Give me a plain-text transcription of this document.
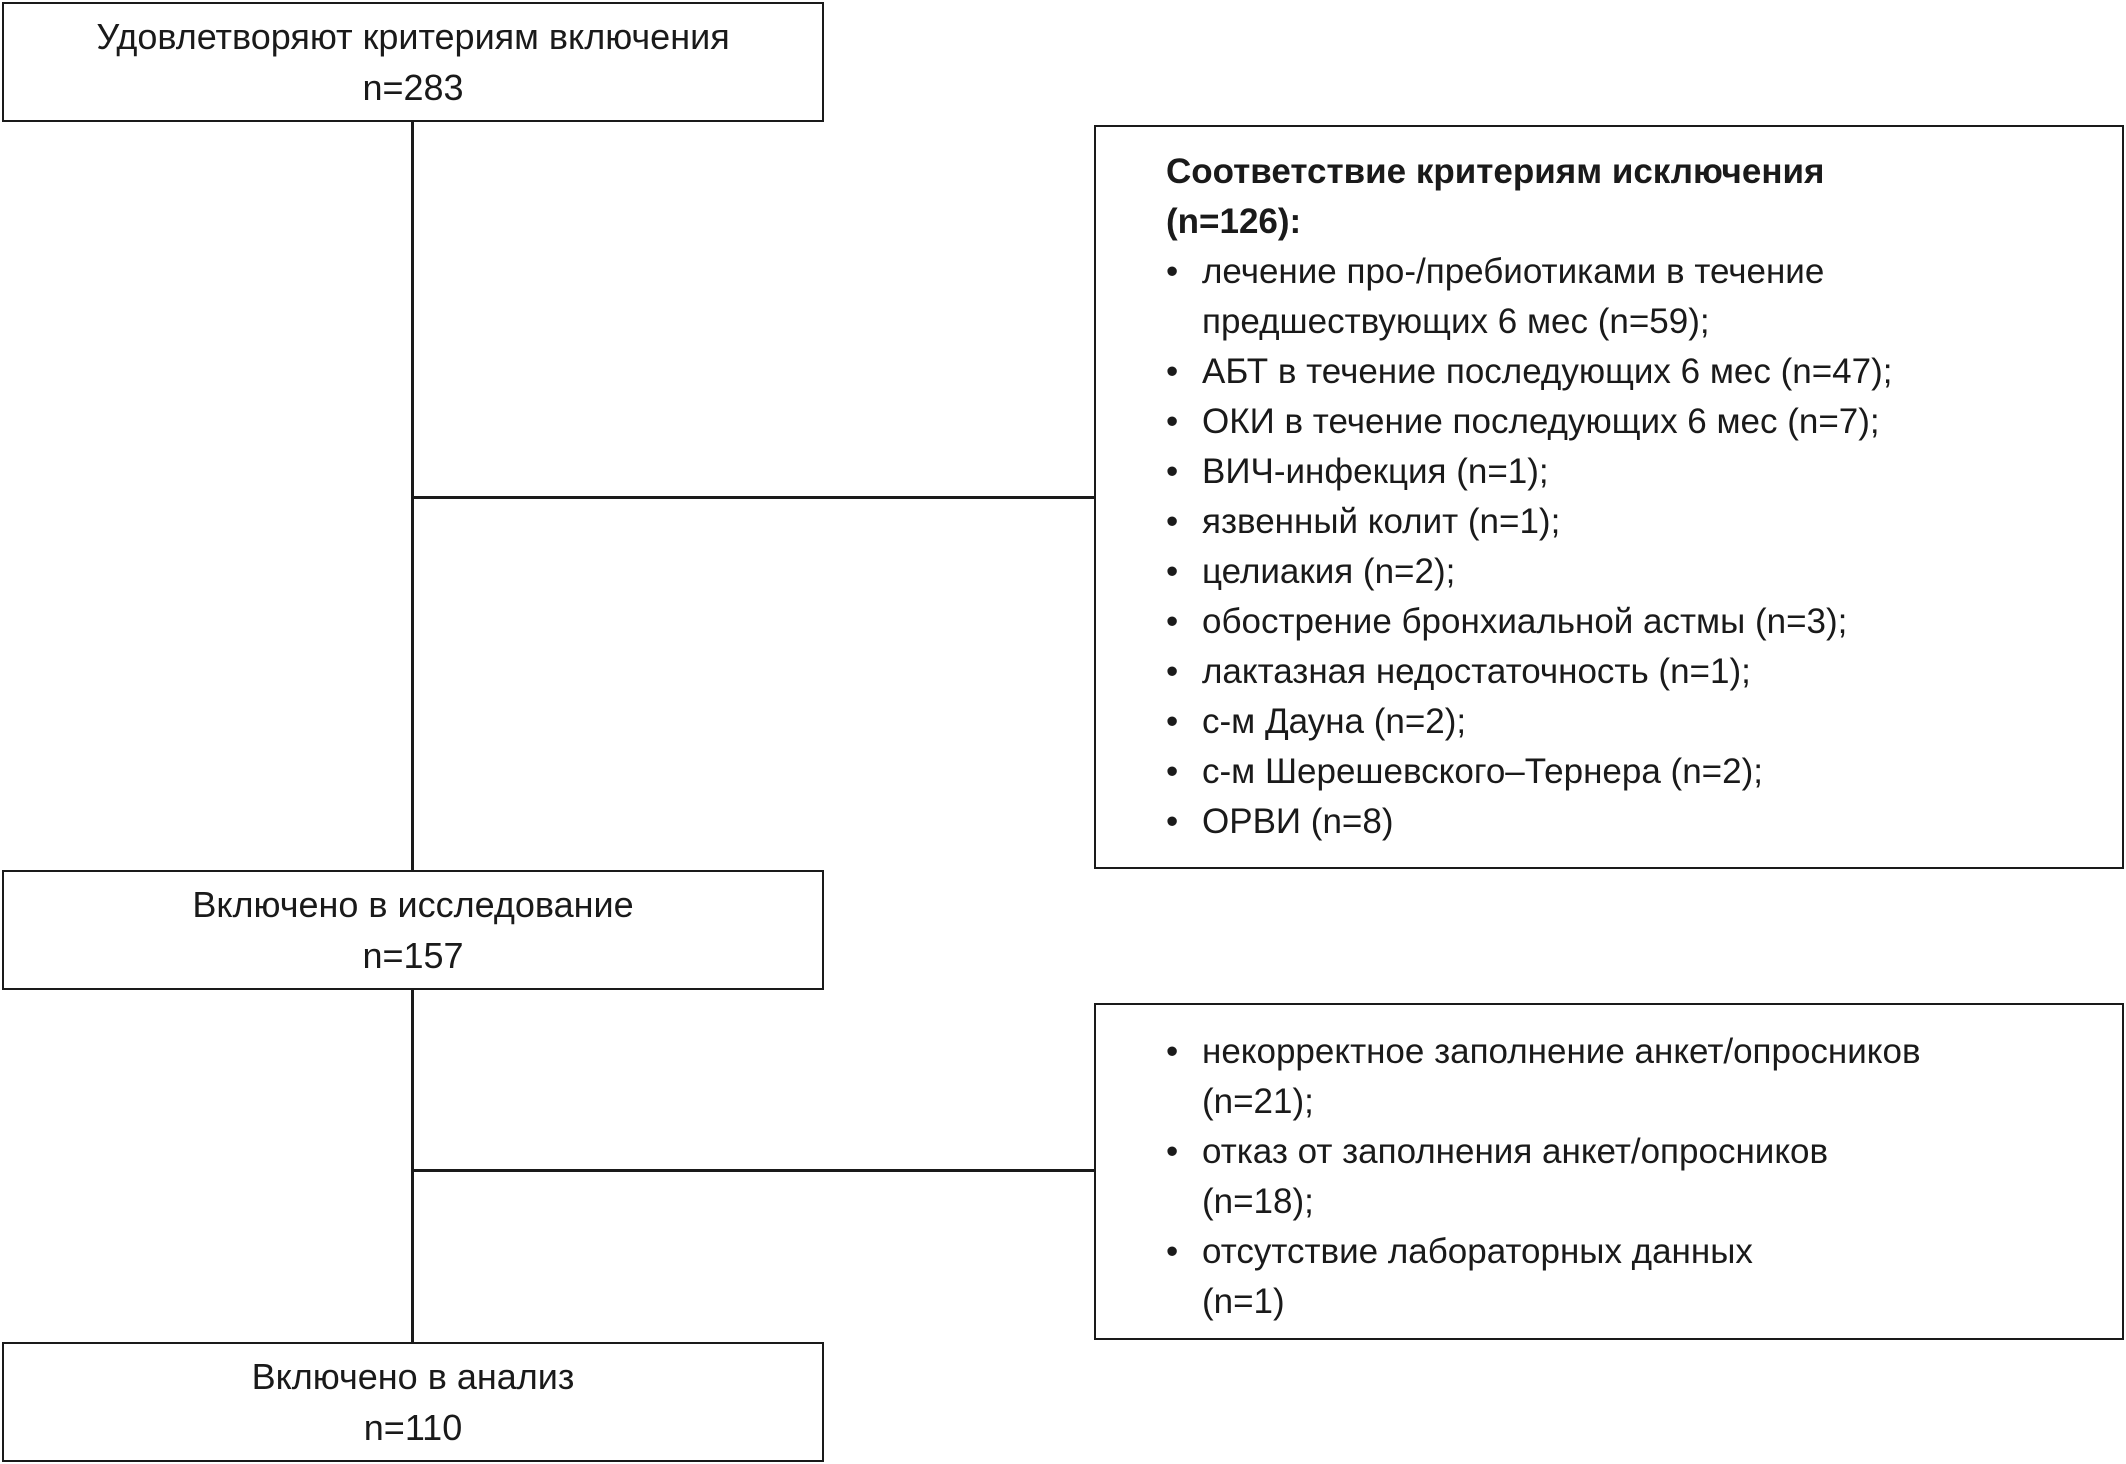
Удовлетворяют критериям включения
n=283
Соответствие критериям исключения
(n=126):
• лечение про-/пребиотиками в течение
предшествующих 6 мес (n=59);
• АБТ в течение последующих 6 мес (n=47);
• ОКИ в течение последующих 6 мес (n=7);
• ВИЧ-инфекция (n=1);
• язвенный колит (n=1);
• целиакия (n=2);
• обострение бронхиальной астмы (n=3);
• лактазная недостаточность (n=1);
• с-м Дауна (n=2);
• с-м Шерешевского–Тернера (n=2);
• ОРВИ (n=8)
Включено в исследование
n=157
• некорректное заполнение анкет/опросников
(n=21);
• отказ от заполнения анкет/опросников
(n=18);
• отсутствие лабораторных данных
(n=1)
Включено в анализ
n=110
